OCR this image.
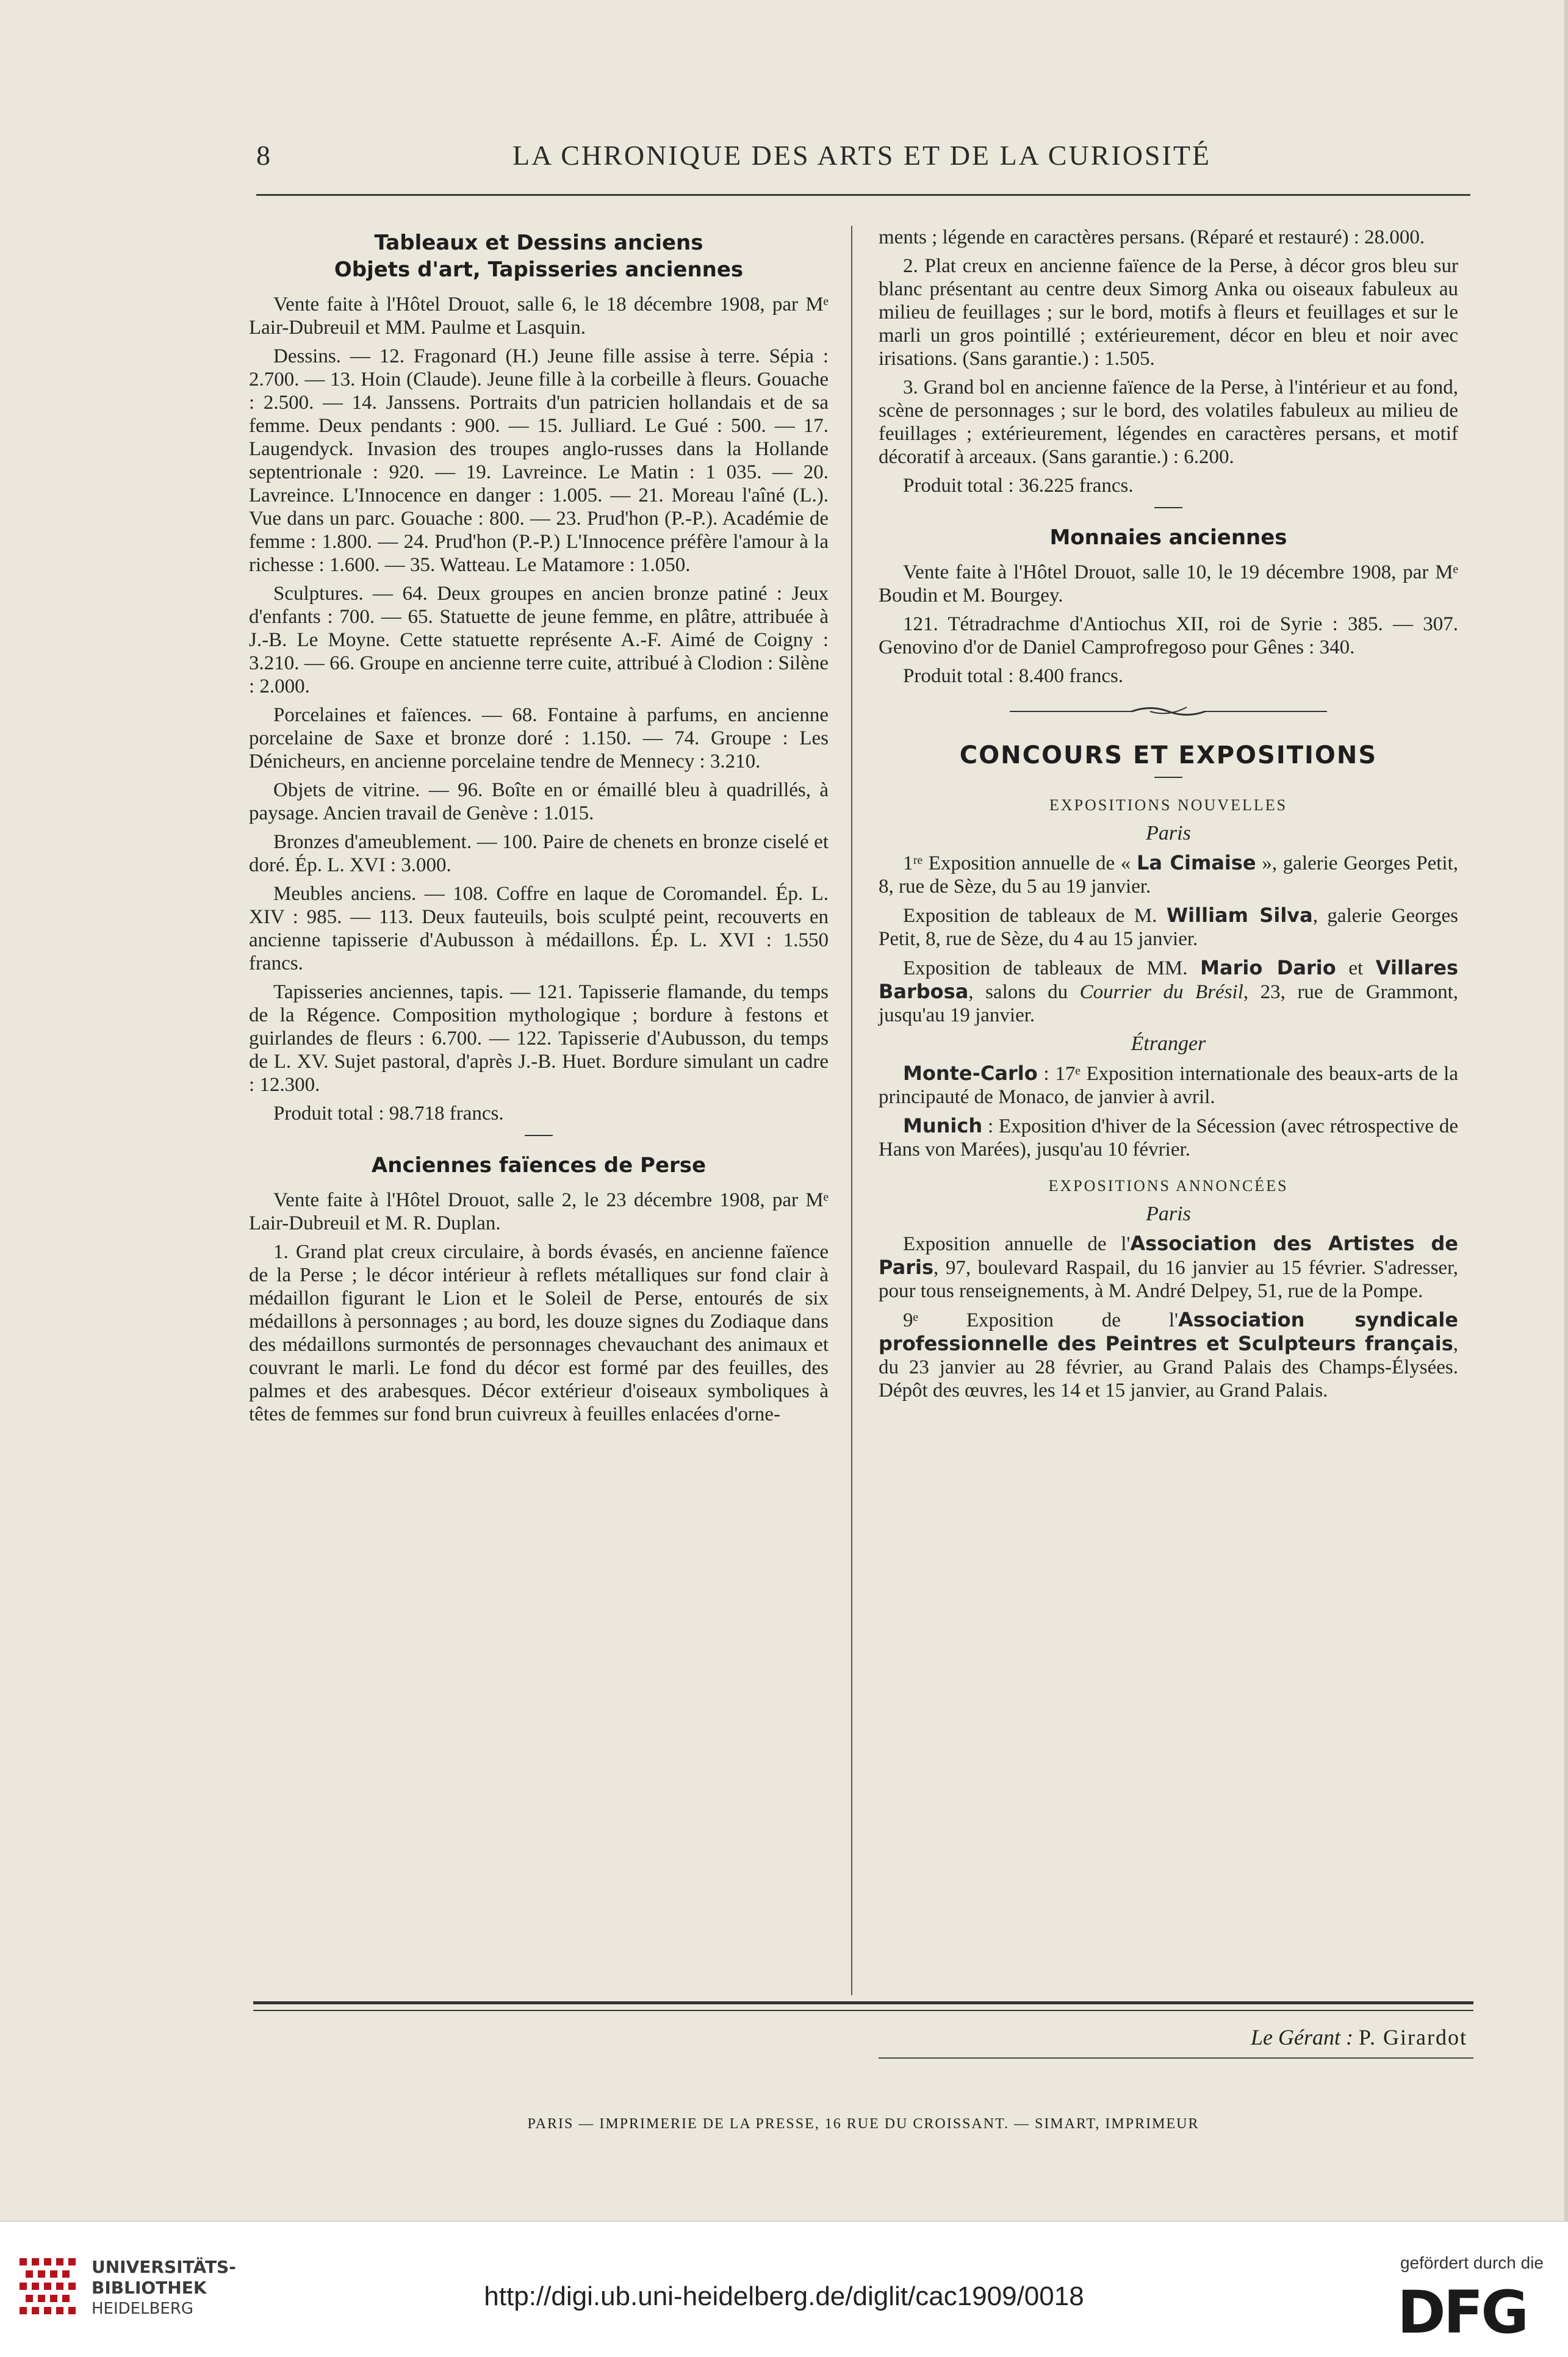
8	LA CHRONIQUE DES ARTS ET DE LA CURIOSITÉ
Tableaux et Dessins anciens
Objets d'art, Tapisseries anciennes

Vente faite à l'Hôtel Drouot, salle 6, le 18 décembre 1908, par Mᵉ Lair-Dubreuil et MM. Paulme et Lasquin.

Dessins. — 12. Fragonard (H.) Jeune fille assise à terre. Sépia : 2.700. — 13. Hoin (Claude). Jeune fille à la corbeille à fleurs. Gouache : 2.500. — 14. Janssens. Portraits d'un patricien hollandais et de sa femme. Deux pendants : 900. — 15. Julliard. Le Gué : 500. — 17. Laugendyck. Invasion des troupes anglo-russes dans la Hollande septentrionale : 920. — 19. Lavreince. Le Matin : 1 035. — 20. Lavreince. L'Innocence en danger : 1.005. — 21. Moreau l'aîné (L.). Vue dans un parc. Gouache : 800. — 23. Prud'hon (P.-P.). Académie de femme : 1.800. — 24. Prud'hon (P.-P.) L'Innocence préfère l'amour à la richesse : 1.600. — 35. Watteau. Le Matamore : 1.050.

Sculptures. — 64. Deux groupes en ancien bronze patiné : Jeux d'enfants : 700. — 65. Statuette de jeune femme, en plâtre, attribuée à J.-B. Le Moyne. Cette statuette représente A.-F. Aimé de Coigny : 3.210. — 66. Groupe en ancienne terre cuite, attribué à Clodion : Silène : 2.000.

Porcelaines et faïences. — 68. Fontaine à parfums, en ancienne porcelaine de Saxe et bronze doré : 1.150. — 74. Groupe : Les Dénicheurs, en ancienne porcelaine tendre de Mennecy : 3.210.

Objets de vitrine. — 96. Boîte en or émaillé bleu à quadrillés, à paysage. Ancien travail de Genève : 1.015.

Bronzes d'ameublement. — 100. Paire de chenets en bronze ciselé et doré. Ép. L. XVI : 3.000.

Meubles anciens. — 108. Coffre en laque de Coromandel. Ép. L. XIV : 985. — 113. Deux fauteuils, bois sculpté peint, recouverts en ancienne tapisserie d'Aubusson à médaillons. Ép. L. XVI : 1.550 francs.

Tapisseries anciennes, tapis. — 121. Tapisserie flamande, du temps de la Régence. Composition mythologique ; bordure à festons et guirlandes de fleurs : 6.700. — 122. Tapisserie d'Aubusson, du temps de L. XV. Sujet pastoral, d'après J.-B. Huet. Bordure simulant un cadre : 12.300.

Produit total : 98.718 francs.

Anciennes faïences de Perse

Vente faite à l'Hôtel Drouot, salle 2, le 23 décembre 1908, par Mᵉ Lair-Dubreuil et M. R. Duplan.

1. Grand plat creux circulaire, à bords évasés, en ancienne faïence de la Perse ; le décor intérieur à reflets métalliques sur fond clair à médaillon figurant le Lion et le Soleil de Perse, entourés de six médaillons à personnages ; au bord, les douze signes du Zodiaque dans des médaillons surmontés de personnages chevauchant des animaux et couvrant le marli. Le fond du décor est formé par des feuilles, des palmes et des arabesques. Décor extérieur d'oiseaux symboliques à têtes de femmes sur fond brun cuivreux à feuilles enlacées d'orne-

ments ; légende en caractères persans. (Réparé et restauré) : 28.000.

2. Plat creux en ancienne faïence de la Perse, à décor gros bleu sur blanc présentant au centre deux Simorg Anka ou oiseaux fabuleux au milieu de feuillages ; sur le bord, motifs à fleurs et feuillages et sur le marli un gros pointillé ; extérieurement, décor en bleu et noir avec irisations. (Sans garantie.) : 1.505.

3. Grand bol en ancienne faïence de la Perse, à l'intérieur et au fond, scène de personnages ; sur le bord, des volatiles fabuleux au milieu de feuillages ; extérieurement, légendes en caractères persans, et motif décoratif à arceaux. (Sans garantie.) : 6.200.

Produit total : 36.225 francs.

Monnaies anciennes

Vente faite à l'Hôtel Drouot, salle 10, le 19 décembre 1908, par Mᵉ Boudin et M. Bourgey.

121. Tétradrachme d'Antiochus XII, roi de Syrie : 385. — 307. Genovino d'or de Daniel Camprofregoso pour Gênes : 340.

Produit total : 8.400 francs.

CONCOURS ET EXPOSITIONS
EXPOSITIONS NOUVELLES
Paris

1ʳᵉ Exposition annuelle de « La Cimaise », galerie Georges Petit, 8, rue de Sèze, du 5 au 19 janvier.

Exposition de tableaux de M. William Silva, galerie Georges Petit, 8, rue de Sèze, du 4 au 15 janvier.

Exposition de tableaux de MM. Mario Dario et Villares Barbosa, salons du Courrier du Brésil, 23, rue de Grammont, jusqu'au 19 janvier.

Étranger

Monte-Carlo : 17ᵉ Exposition internationale des beaux-arts de la principauté de Monaco, de janvier à avril.

Munich : Exposition d'hiver de la Sécession (avec rétrospective de Hans von Marées), jusqu'au 10 février.

EXPOSITIONS ANNONCÉES
Paris

Exposition annuelle de l'Association des Artistes de Paris, 97, boulevard Raspail, du 16 janvier au 15 février. S'adresser, pour tous renseignements, à M. André Delpey, 51, rue de la Pompe.

9ᵉ Exposition de l'Association syndicale professionnelle des Peintres et Sculpteurs français, du 23 janvier au 28 février, au Grand Palais des Champs-Élysées. Dépôt des œuvres, les 14 et 15 janvier, au Grand Palais.

Le Gérant : P. Girardot
PARIS — IMPRIMERIE DE LA PRESSE, 16 RUE DU CROISSANT. — SIMART, IMPRIMEUR
UNIVERSITÄTS-
BIBLIOTHEK
HEIDELBERG	http://digi.ub.uni-heidelberg.de/diglit/cac1909/0018
gefördert durch die
DFG
